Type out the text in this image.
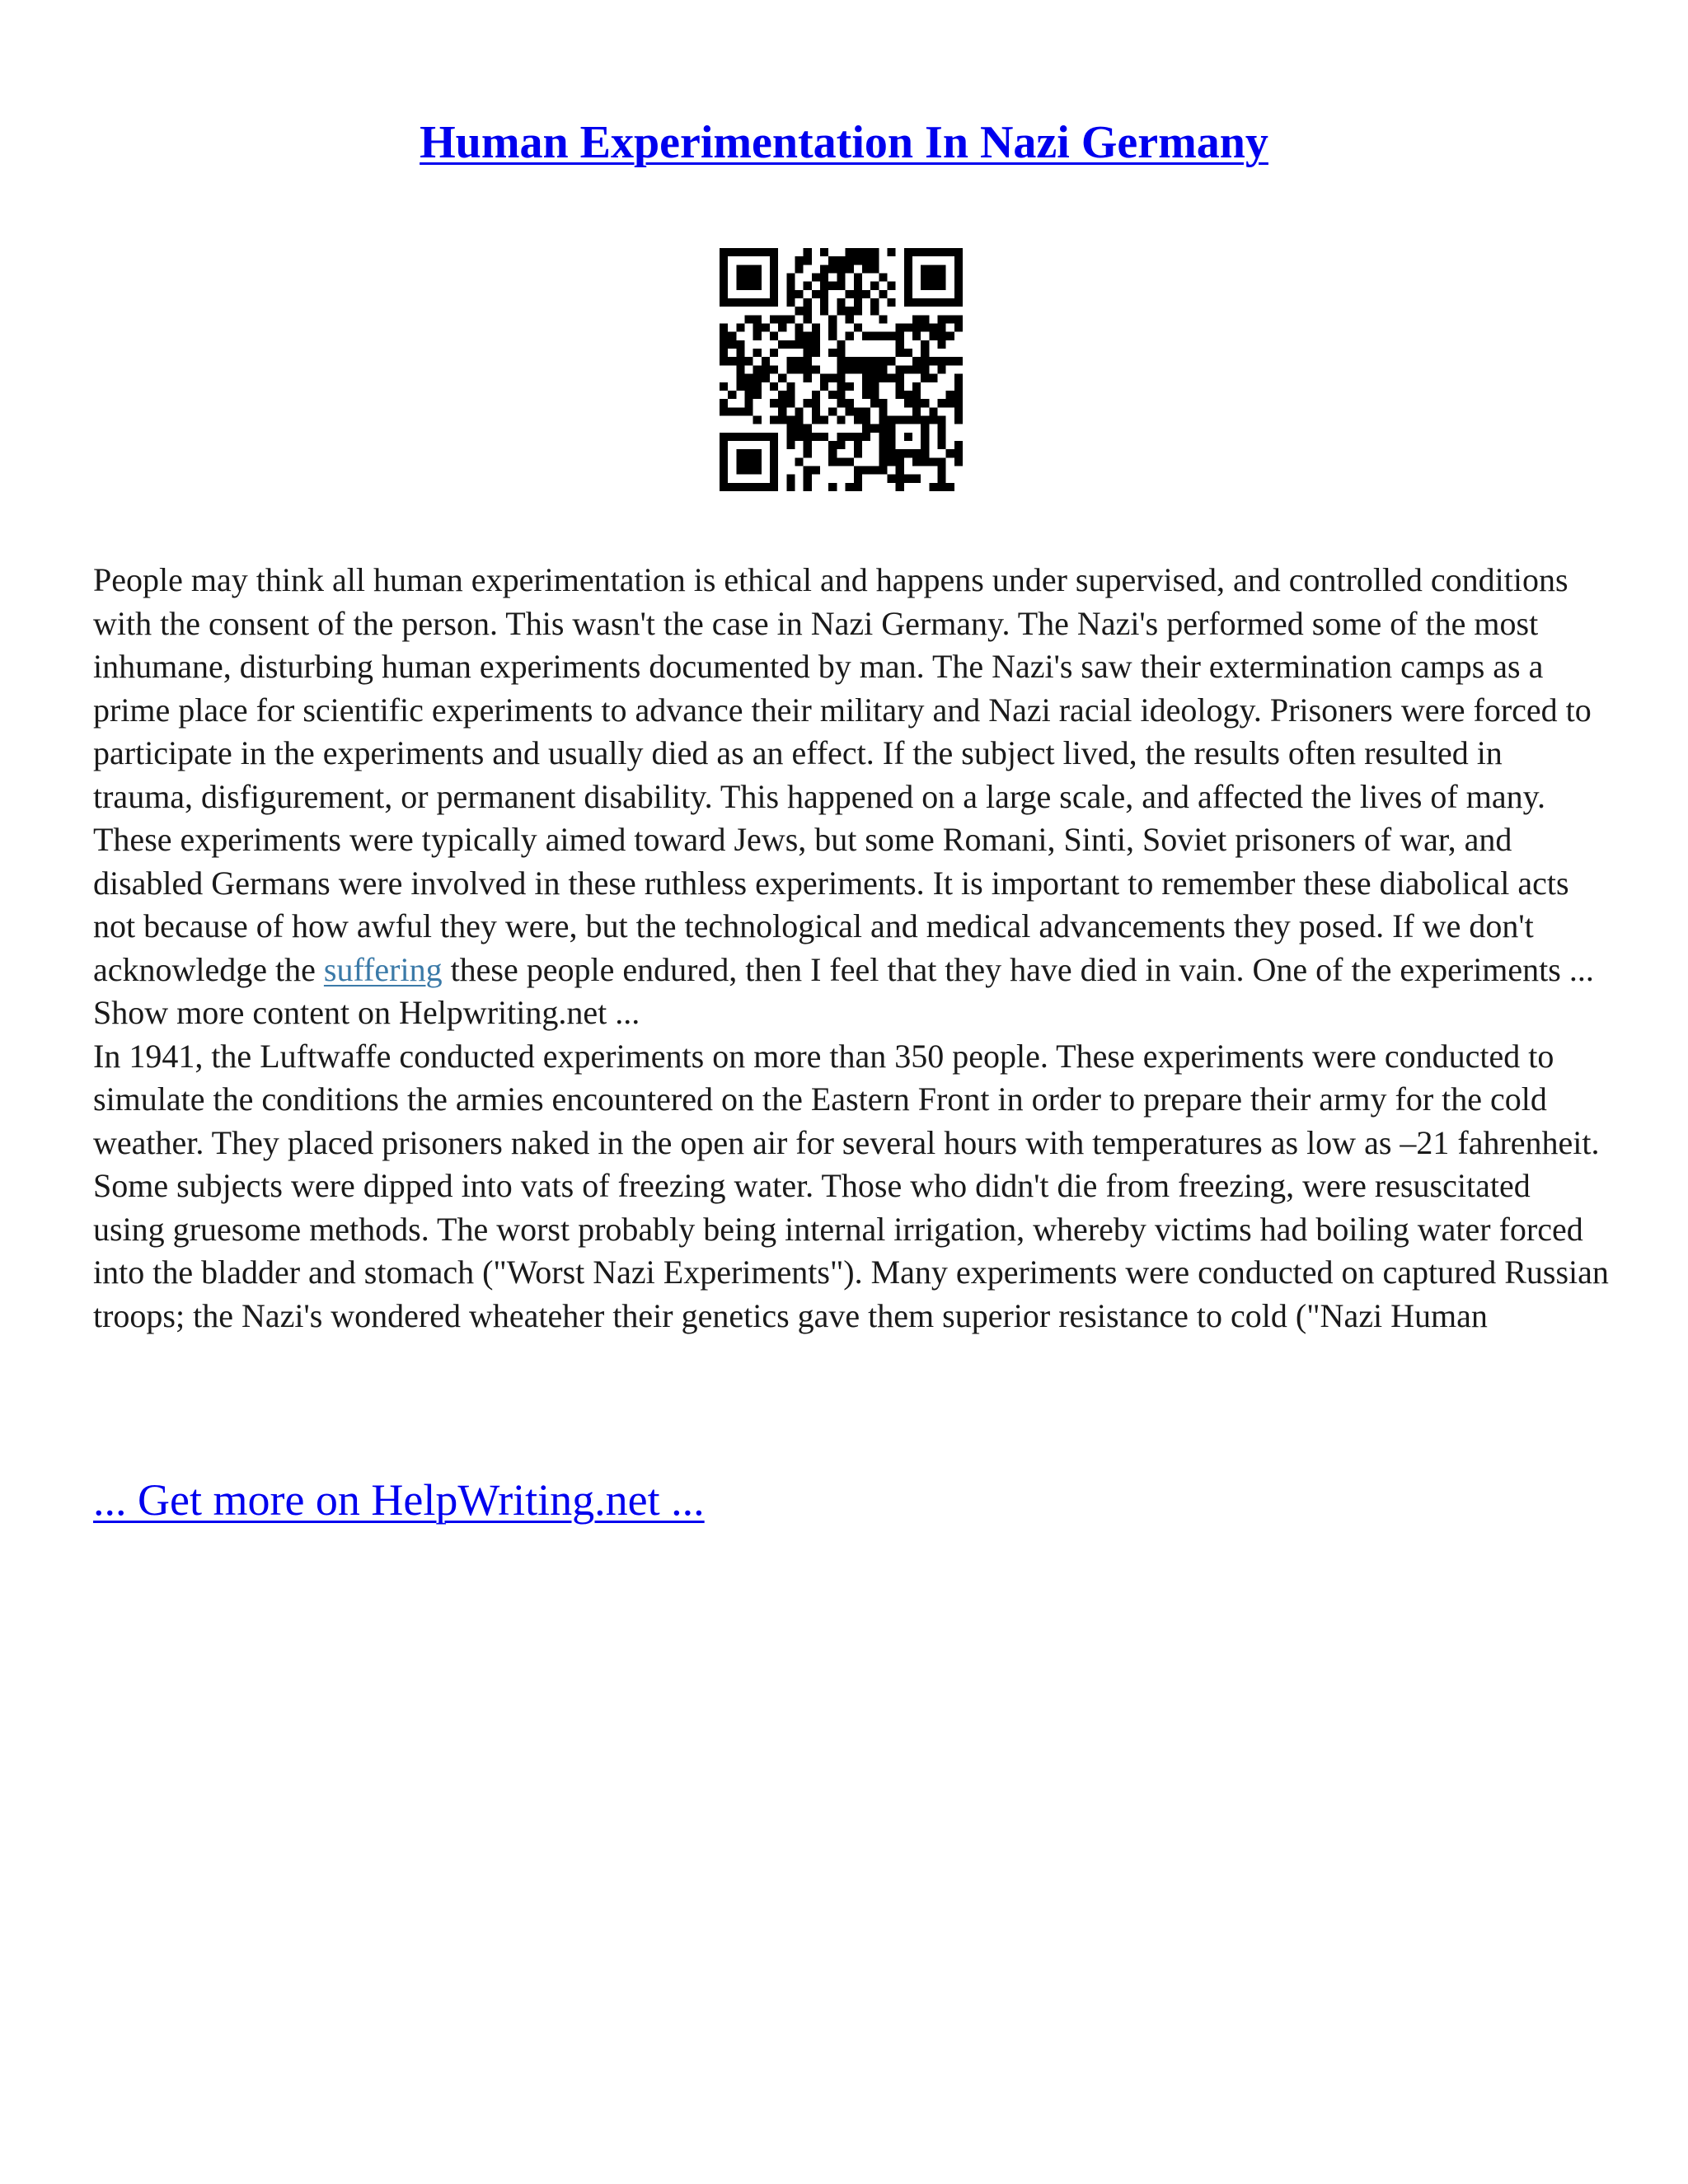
Human Experimentation In Nazi Germany

People may think all human experimentation is ethical and happens under supervised, and controlled conditions with the consent of the person. This wasn't the case in Nazi Germany. The Nazi's performed some of the most inhumane, disturbing human experiments documented by man. The Nazi's saw their extermination camps as a prime place for scientific experiments to advance their military and Nazi racial ideology. Prisoners were forced to participate in the experiments and usually died as an effect. If the subject lived, the results often resulted in trauma, disfigurement, or permanent disability. This happened on a large scale, and affected the lives of many. These experiments were typically aimed toward Jews, but some Romani, Sinti, Soviet prisoners of war, and disabled Germans were involved in these ruthless experiments. It is important to remember these diabolical acts not because of how awful they were, but the technological and medical advancements they posed. If we don't acknowledge the suffering these people endured, then I feel that they have died in vain. One of the experiments ... Show more content on Helpwriting.net ...

In 1941, the Luftwaffe conducted experiments on more than 350 people. These experiments were conducted to simulate the conditions the armies encountered on the Eastern Front in order to prepare their army for the cold weather. They placed prisoners naked in the open air for several hours with temperatures as low as –21 fahrenheit. Some subjects were dipped into vats of freezing water. Those who didn't die from freezing, were resuscitated using gruesome methods. The worst probably being internal irrigation, whereby victims had boiling water forced into the bladder and stomach ("Worst Nazi Experiments"). Many experiments were conducted on captured Russian troops; the Nazi's wondered wheateher their genetics gave them superior resistance to cold ("Nazi Human

... Get more on HelpWriting.net ...
